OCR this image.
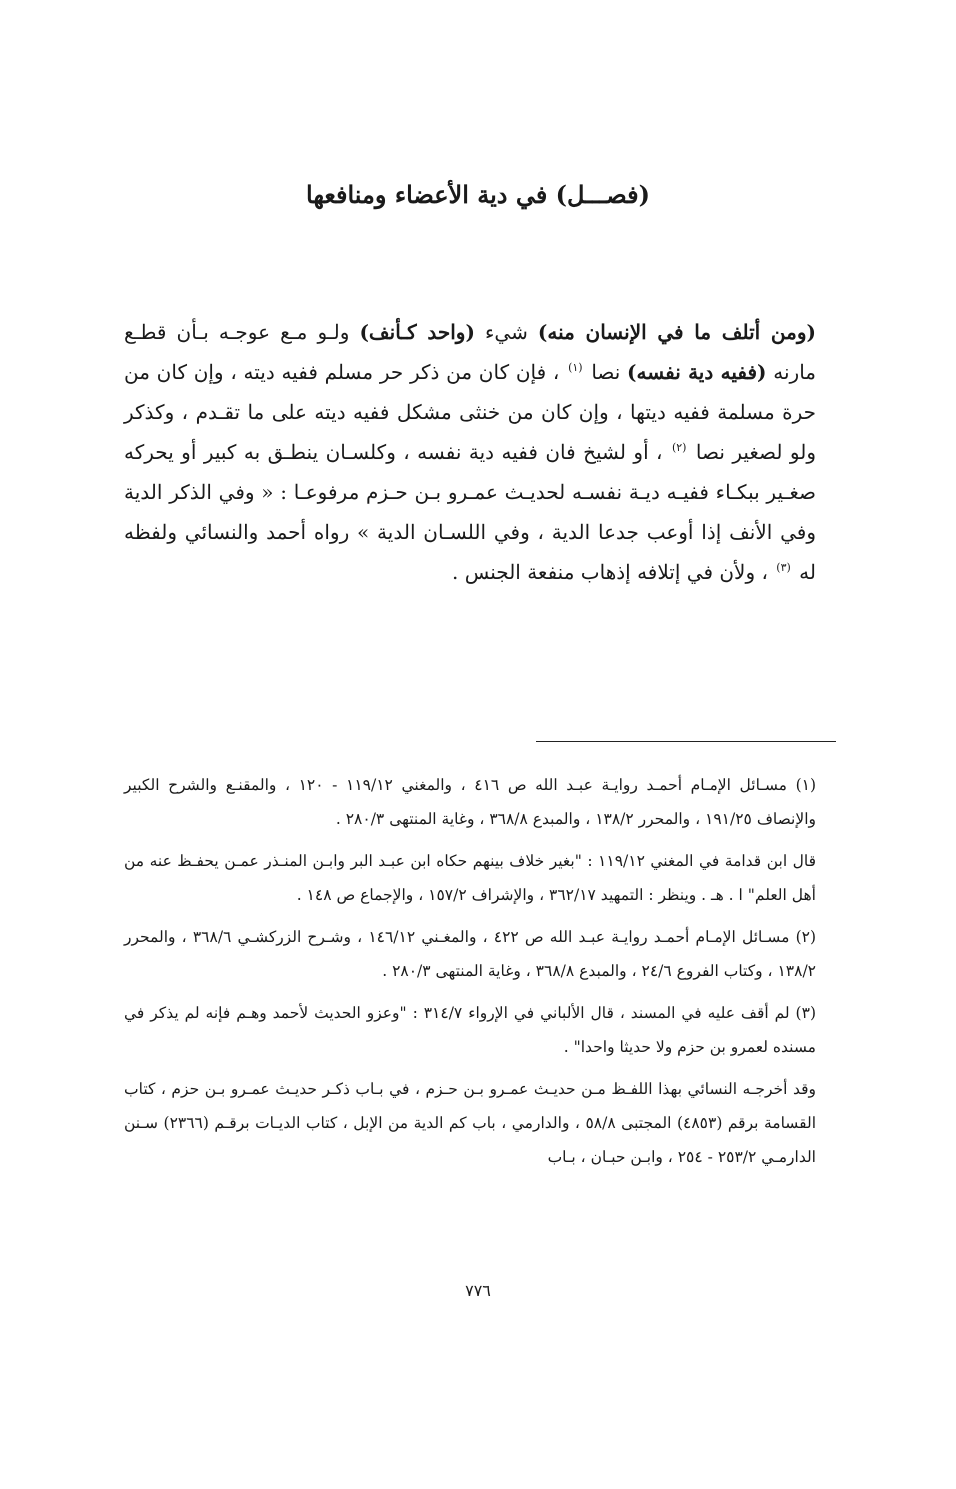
(فصـــل) في دية الأعضاء ومنافعها

(ومن أتلف ما في الإنسان منه) شيء (واحد كـأنف) ولـو مـع عوجـه بـأن قطـع مارنه (ففيه دية نفسه) نصا $^{(١)}$ ، فإن كان من ذكر حر مسلم ففيه ديته ، وإن كان من حرة مسلمة ففيه ديتها ، وإن كان من خنثى مشكل ففيه ديته على ما تقـدم ، وكذكر ولو لصغير نصا $^{(٢)}$ ، أو لشيخ فان ففيه دية نفسه ، وكلسـان ينطـق به كبير أو يحركه صغـير ببكـاء ففيـه ديـة نفسـه لحديـث عمـرو بـن حـزم مرفوعـا : « وفي الذكر الدية وفي الأنف إذا أوعب جدعا الدية ، وفي اللسـان الدية » رواه أحمد والنسائي ولفظه له $^{(٣)}$ ، ولأن في إتلافه إذهاب منفعة الجنس .

(١) مسـائل الإمـام أحمـد روايـة عبـد الله ص ٤١٦ ، والمغني ١١٩/١٢ - ١٢٠ ، والمقنـع والشرح الكبير والإنصاف ١٩١/٢٥ ، والمحرر ١٣٨/٢ ، والمبدع ٣٦٨/٨ ، وغاية المنتهى ٢٨٠/٣ .

قال ابن قدامة في المغني ١١٩/١٢ : "بغير خلاف بينهم حكاه ابن عبـد البر وابـن المنـذر عمـن يحفـظ عنه من أهل العلم" ا . هـ . وينظر : التمهيد ٣٦٢/١٧ ، والإشراف ١٥٧/٢ ، والإجماع ص ١٤٨ .

(٢) مسـائل الإمـام أحمـد روايـة عبـد الله ص ٤٢٢ ، والمغـني ١٤٦/١٢ ، وشـرح الزركشـي ٣٦٨/٦ ، والمحرر ١٣٨/٢ ، وكتاب الفروع ٢٤/٦ ، والمبدع ٣٦٨/٨ ، وغاية المنتهى ٢٨٠/٣ .

(٣) لم أقف عليه في المسند ، قال الألباني في الإرواء ٣١٤/٧ : "وعزو الحديث لأحمد وهـم فإنه لم يذكر في مسنده لعمرو بن حزم ولا حديثا واحدا" .

وقد أخرجـه النسائي بهذا اللفـظ مـن حديـث عمـرو بـن حـزم ، في بـاب ذكـر حديـث عمـرو بـن حزم ، كتاب القسامة برقم (٤٨٥٣) المجتبى ٥٨/٨ ، والدارمي ، باب كم الدية من الإبل ، كتاب الديـات برقـم (٢٣٦٦) سـنن الدارمـي ٢٥٣/٢ - ٢٥٤ ، وابـن حبـان ، بـاب

٧٧٦
